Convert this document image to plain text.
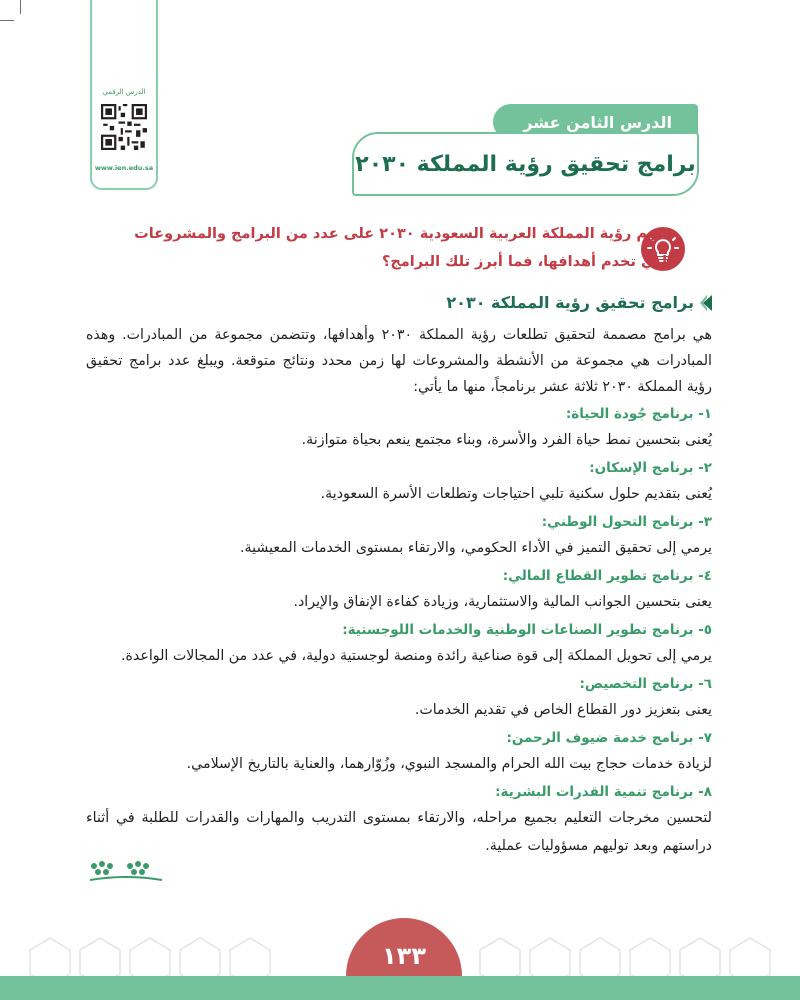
الدرس الرقمي
www.ien.edu.sa
الدرس الثامن عشر
برامج تحقيق رؤية المملكة ٢٠٣٠
تقوم رؤية المملكة العربية السعودية ٢٠٣٠ على عدد من البرامج والمشروعات
التي تخدم أهدافها، فما أبرز تلك البرامج؟
برامج تحقيق رؤية المملكة ٢٠٣٠

هي برامج مصممة لتحقيق تطلعات رؤية المملكة ٢٠٣٠ وأهدافها، وتتضمن مجموعة من المبادرات. وهذه المبادرات هي مجموعة من الأنشطة والمشروعات لها زمن محدد ونتائج متوقعة. ويبلغ عدد برامج تحقيق رؤية المملكة ٢٠٣٠ ثلاثة عشر برنامجاً، منها ما يأتي:

١- برنامج جُودة الحياة:
يُعنى بتحسين نمط حياة الفرد والأسرة، وبناء مجتمع ينعم بحياة متوازنة.
٢- برنامج الإسكان:
يُعنى بتقديم حلول سكنية تلبي احتياجات وتطلعات الأسرة السعودية.
٣- برنامج التحول الوطني:
يرمي إلى تحقيق التميز في الأداء الحكومي، والارتقاء بمستوى الخدمات المعيشية.
٤- برنامج تطوير القطاع المالي:
يعنى بتحسين الجوانب المالية والاستثمارية، وزيادة كفاءة الإنفاق والإيراد.
٥- برنامج تطوير الصناعات الوطنية والخدمات اللوجستية:
يرمي إلى تحويل المملكة إلى قوة صناعية رائدة ومنصة لوجستية دولية، في عدد من المجالات الواعدة.
٦- برنامج التخصيص:
يعنى بتعزيز دور القطاع الخاص في تقديم الخدمات.
٧- برنامج خدمة ضيوف الرحمن:
لزيادة خدمات حجاج بيت الله الحرام والمسجد النبوي، وزُوّارهما، والعناية بالتاريخ الإسلامي.
٨- برنامج تنمية القدرات البشرية:
لتحسين مخرجات التعليم بجميع مراحله، والارتقاء بمستوى التدريب والمهارات والقدرات للطلبة في أثناء دراستهم وبعد توليهم مسؤوليات عملية.
١٣٣
